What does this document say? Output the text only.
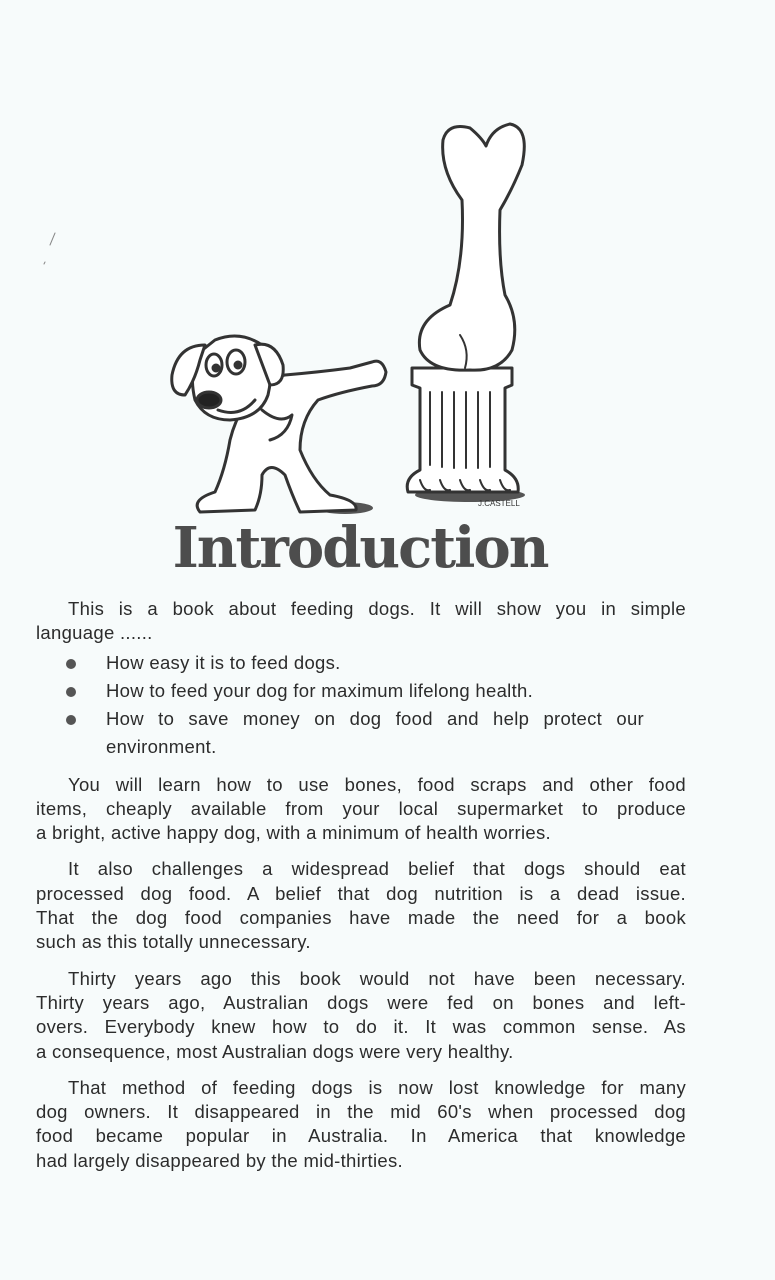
J.CASTELL
Introduction
This is a book about feeding dogs. It will show you in simple
language ......
How easy it is to feed dogs.
How to feed your dog for maximum lifelong health.
How to save money on dog food and help protect our
environment.
You will learn how to use bones, food scraps and other food
items, cheaply available from your local supermarket to produce
a bright, active happy dog, with a minimum of health worries.
It also challenges a widespread belief that dogs should eat
processed dog food. A belief that dog nutrition is a dead issue.
That the dog food companies have made the need for a book
such as this totally unnecessary.
Thirty years ago this book would not have been necessary.
Thirty years ago, Australian dogs were fed on bones and left-
overs. Everybody knew how to do it. It was common sense. As
a consequence, most Australian dogs were very healthy.
That method of feeding dogs is now lost knowledge for many
dog owners. It disappeared in the mid 60's when processed dog
food became popular in Australia. In America that knowledge
had largely disappeared by the mid-thirties.
